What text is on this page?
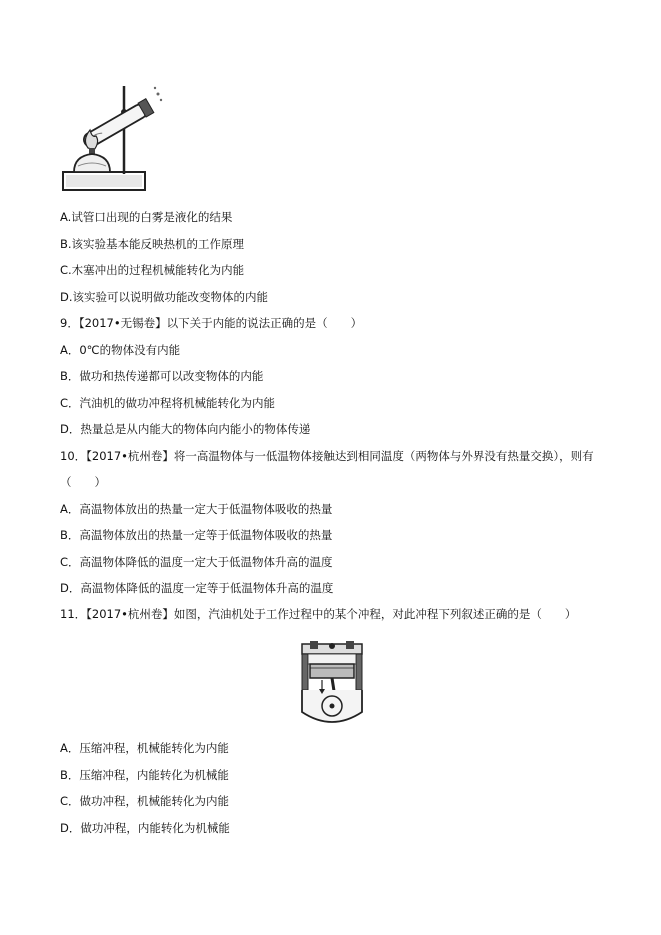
A.试管口出现的白雾是液化的结果
B.该实验基本能反映热机的工作原理
C.木塞冲出的过程机械能转化为内能
D.该实验可以说明做功能改变物体的内能
9．【2017•无锡卷】以下关于内能的说法正确的是（　　）
A．0℃的物体没有内能
B．做功和热传递都可以改变物体的内能
C．汽油机的做功冲程将机械能转化为内能
D．热量总是从内能大的物体向内能小的物体传递
10．【2017•杭州卷】将一高温物体与一低温物体接触达到相同温度（两物体与外界没有热量交换），则有
（　　）
A．高温物体放出的热量一定大于低温物体吸收的热量
B．高温物体放出的热量一定等于低温物体吸收的热量
C．高温物体降低的温度一定大于低温物体升高的温度
D．高温物体降低的温度一定等于低温物体升高的温度
11．【2017•杭州卷】如图，汽油机处于工作过程中的某个冲程，对此冲程下列叙述正确的是（　　）
A．压缩冲程，机械能转化为内能
B．压缩冲程，内能转化为机械能
C．做功冲程，机械能转化为内能
D．做功冲程，内能转化为机械能
